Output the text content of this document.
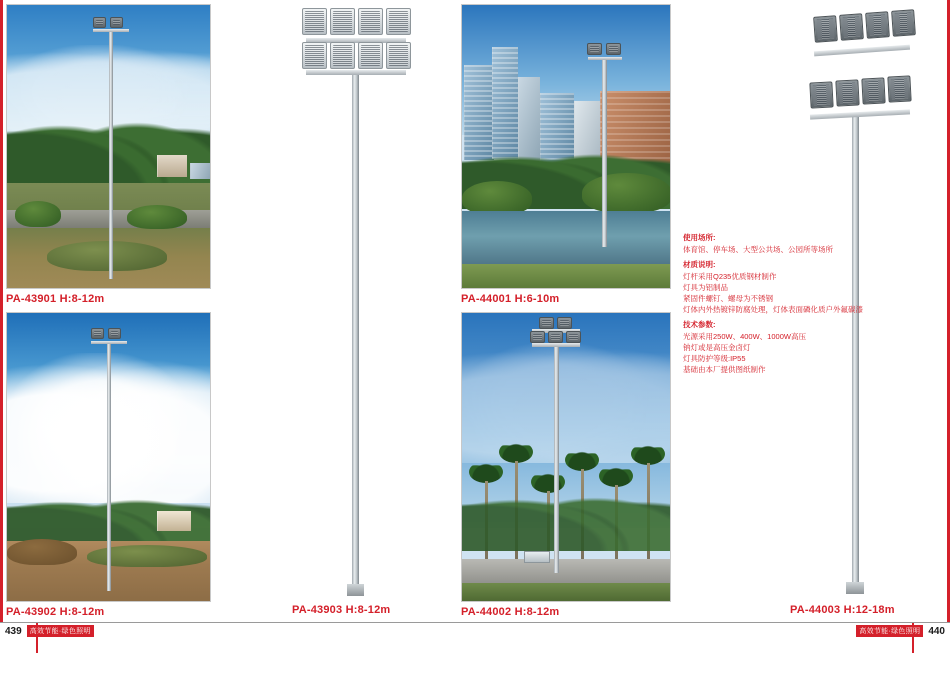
PA-43901 H:8-12m
PA-43902 H:8-12m	PA-43903 H:8-12m
PA-44001 H:6-10m
PA-44002 H:8-12m	PA-44003 H:12-18m
使用场所:
体育馆、停车场、大型公共场、公园所等场所
材质说明:
灯杆采用Q235优质钢材制作
灯具为铝制品
紧固件螺钉、螺母为不锈钢
灯体内外热镀锌防腐处理，灯体表面磷化质户外氟碳漆
技术参数:
光源采用250W、400W、1000W高压
钠灯或是高压金卤灯
灯具防护等级:IP55
基础由本厂提供图纸制作
439	高效节能·绿色照明	440
高效节能·绿色照明
